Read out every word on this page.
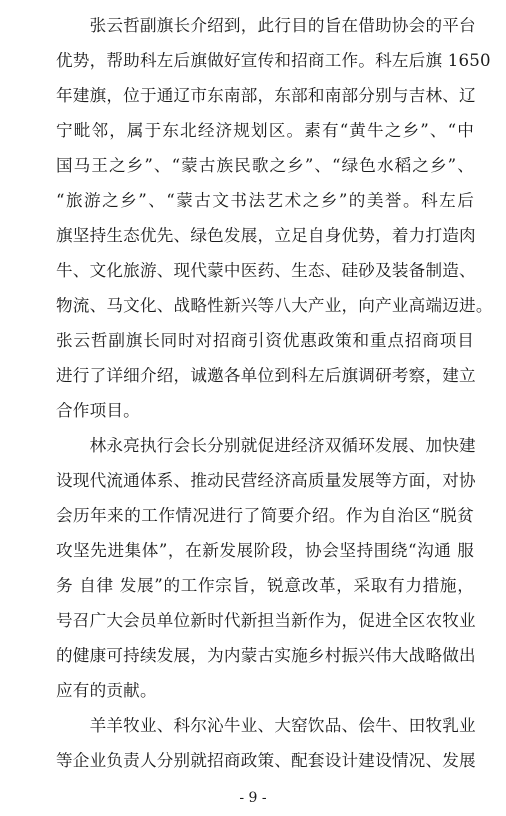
　　张云哲副旗长介绍到，此行目的旨在借助协会的平台
优势，帮助科左后旗做好宣传和招商工作。科左后旗 1650
年建旗，位于通辽市东南部，东部和南部分别与吉林、辽
宁毗邻，属于东北经济规划区。素有“黄牛之乡”、“中
国马王之乡”、“蒙古族民歌之乡”、“绿色水稻之乡”、
“旅游之乡”、“蒙古文书法艺术之乡”的美誉。科左后
旗坚持生态优先、绿色发展，立足自身优势，着力打造肉
牛、文化旅游、现代蒙中医药、生态、硅砂及装备制造、
物流、马文化、战略性新兴等八大产业，向产业高端迈进。
张云哲副旗长同时对招商引资优惠政策和重点招商项目
进行了详细介绍，诚邀各单位到科左后旗调研考察，建立
合作项目。
　　林永亮执行会长分别就促进经济双循环发展、加快建
设现代流通体系、推动民营经济高质量发展等方面，对协
会历年来的工作情况进行了简要介绍。作为自治区“脱贫
攻坚先进集体”，在新发展阶段，协会坚持围绕“沟通 服
务 自律 发展”的工作宗旨，锐意改革，采取有力措施，
号召广大会员单位新时代新担当新作为，促进全区农牧业
的健康可持续发展，为内蒙古实施乡村振兴伟大战略做出
应有的贡献。
　　羊羊牧业、科尔沁牛业、大窑饮品、侩牛、田牧乳业
等企业负责人分别就招商政策、配套设计建设情况、发展
- 9 -
